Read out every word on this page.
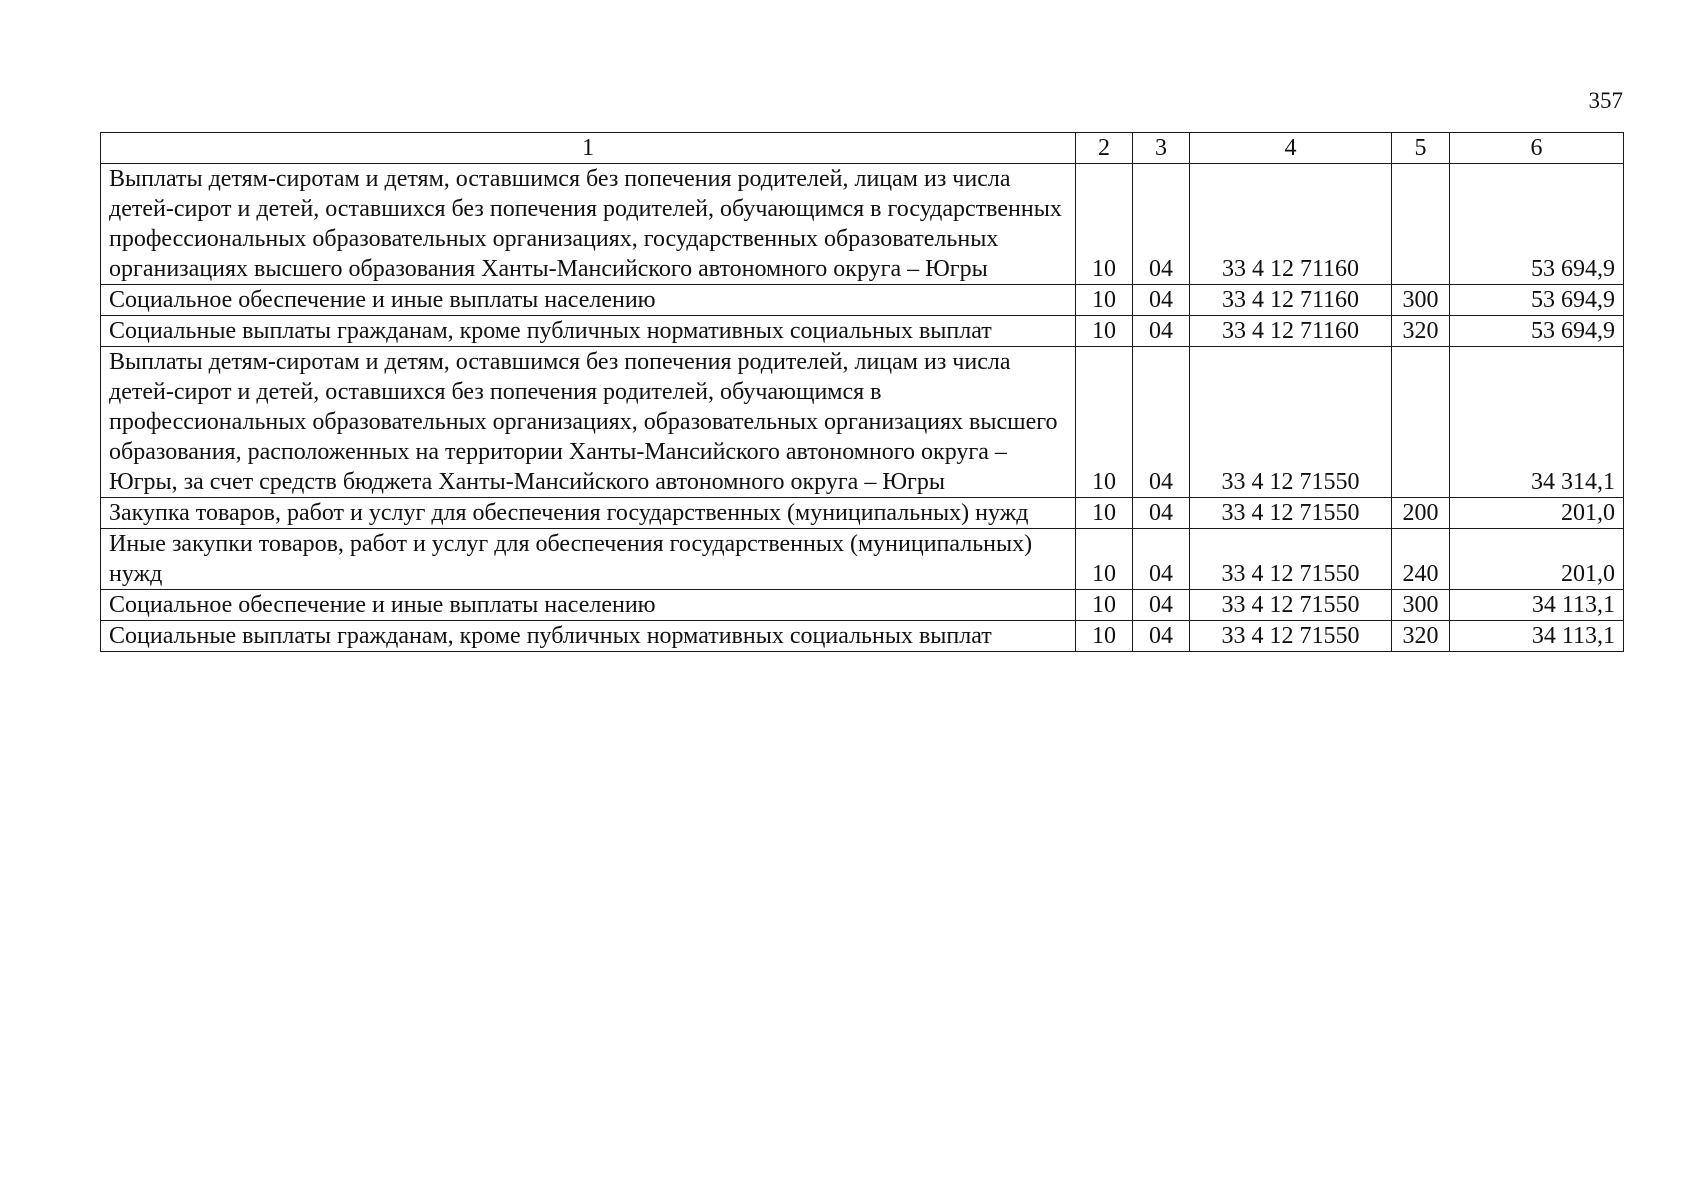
357
1	2	3	4	5	6
Выплаты детям-сиротам и детям, оставшимся без попечения родителей, лицам из числа детей-сирот и детей, оставшихся без попечения родителей, обучающимся в государственных профессиональных образовательных организациях, государственных образовательных организациях высшего образования Ханты-Мансийского автономного округа – Югры	10	04	33 4 12 71160		53 694,9
Социальное обеспечение и иные выплаты населению	10	04	33 4 12 71160	300	53 694,9
Социальные выплаты гражданам, кроме публичных нормативных социальных выплат	10	04	33 4 12 71160	320	53 694,9
Выплаты детям-сиротам и детям, оставшимся без попечения родителей, лицам из числа детей-сирот и детей, оставшихся без попечения родителей, обучающимся в профессиональных образовательных организациях, образовательных организациях высшего образования, расположенных на территории Ханты-Мансийского автономного округа – Югры, за счет средств бюджета Ханты-Мансийского автономного округа – Югры	10	04	33 4 12 71550		34 314,1
Закупка товаров, работ и услуг для обеспечения государственных (муниципальных) нужд	10	04	33 4 12 71550	200	201,0
Иные закупки товаров, работ и услуг для обеспечения государственных (муниципальных) нужд	10	04	33 4 12 71550	240	201,0
Социальное обеспечение и иные выплаты населению	10	04	33 4 12 71550	300	34 113,1
Социальные выплаты гражданам, кроме публичных нормативных социальных выплат	10	04	33 4 12 71550	320	34 113,1
